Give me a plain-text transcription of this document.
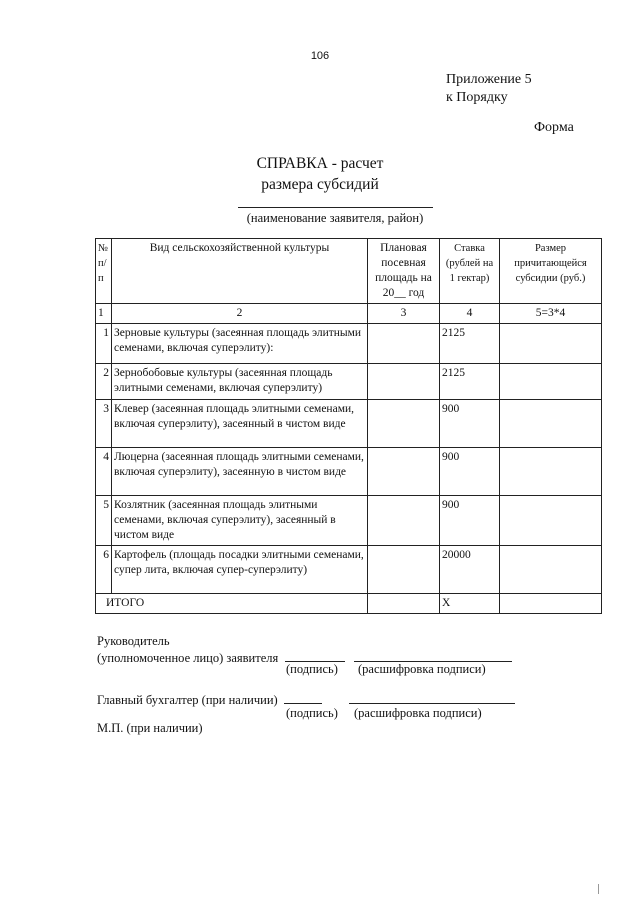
106
Приложение 5
к Порядку
Форма
СПРАВКА - расчет
размера субсидий
(наименование заявителя, район)
№ п/п	Вид сельскохозяйственной культуры	Плановая посевная площадь на 20__ год	Ставка (рублей на 1 гектар)	Размер причитающейся субсидии (руб.)
1	2	3	4	5=3*4
1	Зерновые культуры (засеянная площадь элитными семенами, включая суперэлиту):		2125	
2	Зернобобовые культуры (засеянная площадь элитными семенами, включая суперэлиту)		2125	
3	Клевер (засеянная площадь элитными семенами, включая суперэлиту), засеянный в чистом виде		900	
4	Люцерна (засеянная площадь элитными семенами, включая суперэлиту), засеянную в чистом виде		900	
5	Козлятник (засеянная площадь элитными семенами, включая суперэлиту), засеянный в чистом виде		900	
6	Картофель (площадь посадки элитными семенами, супер лита, включая супер-суперэлиту)		20000	
ИТОГО			Х	
Руководитель
(уполномоченное лицо) заявителя
(подпись) (расшифровка подписи)
Главный бухгалтер (при наличии)
(подпись) (расшифровка подписи)
М.П. (при наличии)
